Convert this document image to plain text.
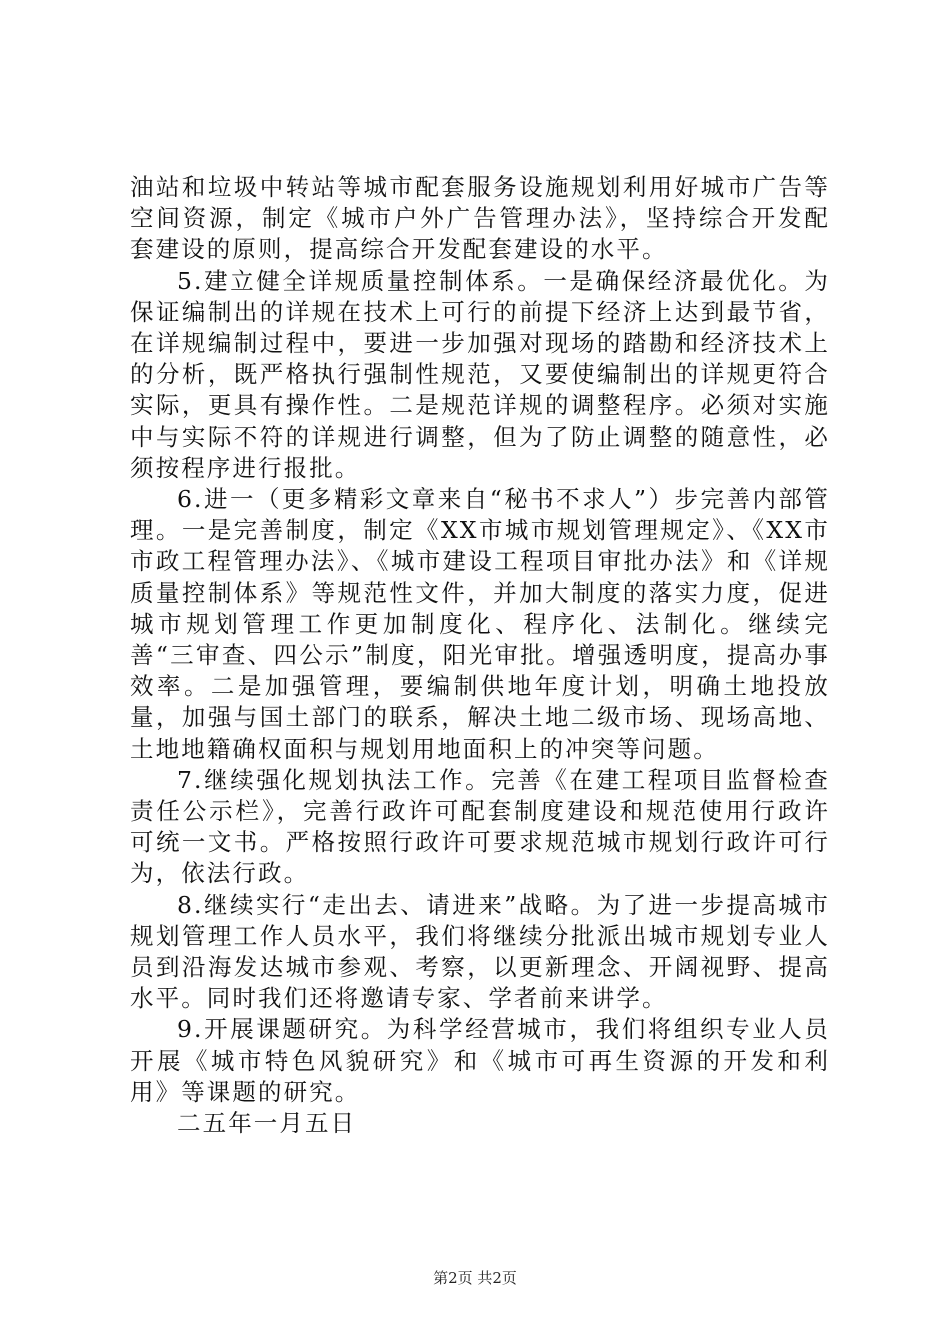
油站和垃圾中转站等城市配套服务设施规划利用好城市广告等空间资源，制定《城市户外广告管理办法》，坚持综合开发配套建设的原则，提高综合开发配套建设的水平。

5.建立健全详规质量控制体系。一是确保经济最优化。为保证编制出的详规在技术上可行的前提下经济上达到最节省，在详规编制过程中，要进一步加强对现场的踏勘和经济技术上的分析，既严格执行强制性规范，又要使编制出的详规更符合实际，更具有操作性。二是规范详规的调整程序。必须对实施中与实际不符的详规进行调整，但为了防止调整的随意性，必须按程序进行报批。

6.进一（更多精彩文章来自“秘书不求人”）步完善内部管理。一是完善制度，制定《XX市城市规划管理规定》、《XX市市政工程管理办法》、《城市建设工程项目审批办法》和《详规质量控制体系》等规范性文件，并加大制度的落实力度，促进城市规划管理工作更加制度化、程序化、法制化。继续完善“三审查、四公示”制度，阳光审批。增强透明度，提高办事效率。二是加强管理，要编制供地年度计划，明确土地投放量，加强与国土部门的联系，解决土地二级市场、现场高地、土地地籍确权面积与规划用地面积上的冲突等问题。

7.继续强化规划执法工作。完善《在建工程项目监督检查责任公示栏》，完善行政许可配套制度建设和规范使用行政许可统一文书。严格按照行政许可要求规范城市规划行政许可行为，依法行政。

8.继续实行“走出去、请进来”战略。为了进一步提高城市规划管理工作人员水平，我们将继续分批派出城市规划专业人员到沿海发达城市参观、考察，以更新理念、开阔视野、提高水平。同时我们还将邀请专家、学者前来讲学。

9.开展课题研究。为科学经营城市，我们将组织专业人员开展《城市特色风貌研究》和《城市可再生资源的开发和利用》等课题的研究。

二五年一月五日

第2页 共2页
